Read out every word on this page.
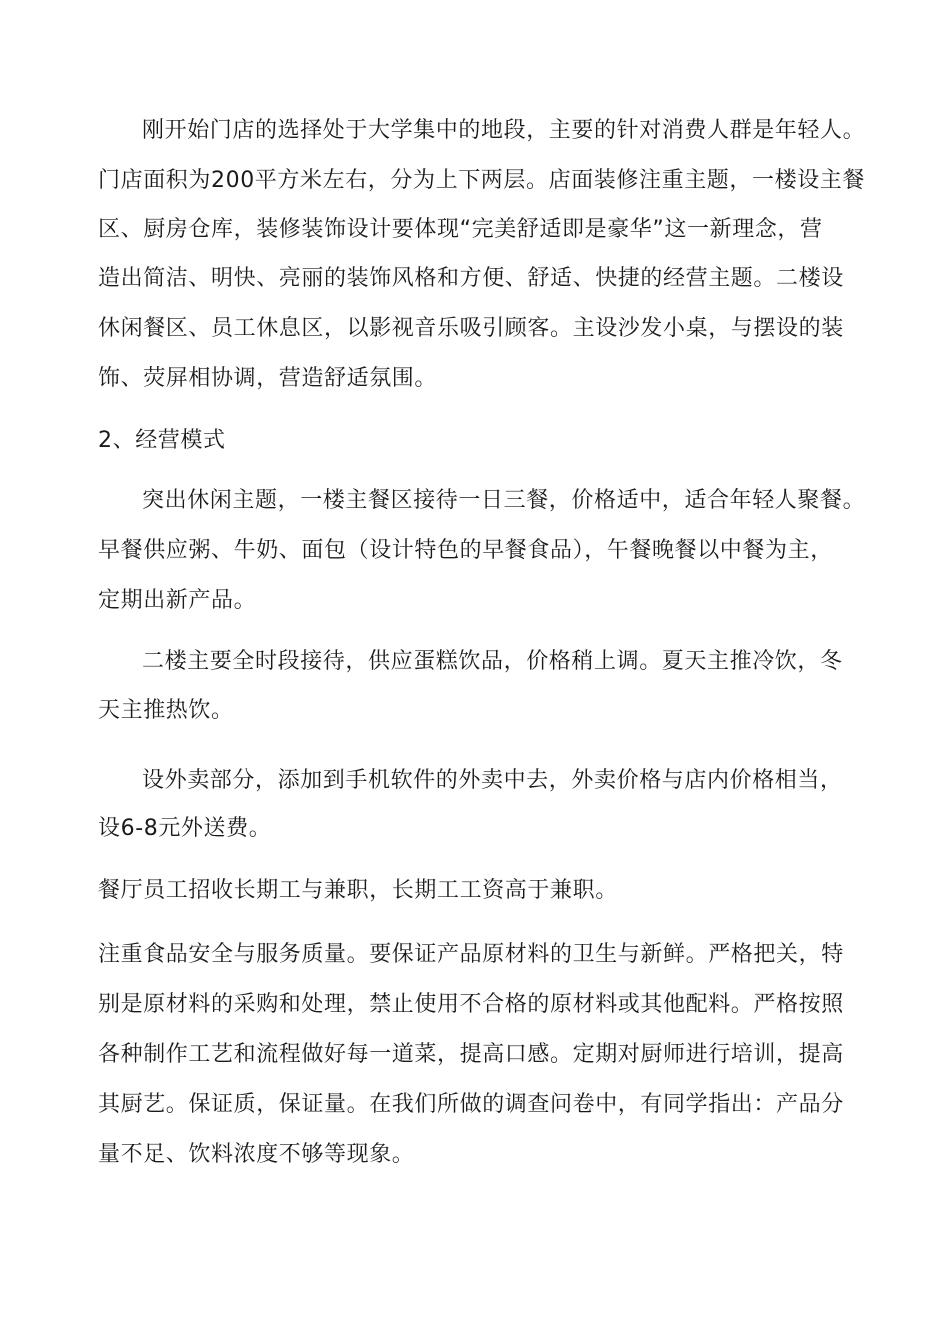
刚开始门店的选择处于大学集中的地段，主要的针对消费人群是年轻人。
门店面积为200平方米左右，分为上下两层。店面装修注重主题，一楼设主餐
区、厨房仓库，装修装饰设计要体现“完美舒适即是豪华”这一新理念，营
造出简洁、明快、亮丽的装饰风格和方便、舒适、快捷的经营主题。二楼设
休闲餐区、员工休息区，以影视音乐吸引顾客。主设沙发小桌，与摆设的装
饰、荧屏相协调，营造舒适氛围。
2、经营模式
突出休闲主题，一楼主餐区接待一日三餐，价格适中，适合年轻人聚餐。
早餐供应粥、牛奶、面包（设计特色的早餐食品），午餐晚餐以中餐为主，
定期出新产品。
二楼主要全时段接待，供应蛋糕饮品，价格稍上调。夏天主推冷饮，冬
天主推热饮。
设外卖部分，添加到手机软件的外卖中去，外卖价格与店内价格相当，
设6-8元外送费。
餐厅员工招收长期工与兼职，长期工工资高于兼职。
注重食品安全与服务质量。要保证产品原材料的卫生与新鲜。严格把关，特
别是原材料的采购和处理，禁止使用不合格的原材料或其他配料。严格按照
各种制作工艺和流程做好每一道菜，提高口感。定期对厨师进行培训，提高
其厨艺。保证质，保证量。在我们所做的调查问卷中，有同学指出：产品分
量不足、饮料浓度不够等现象。
